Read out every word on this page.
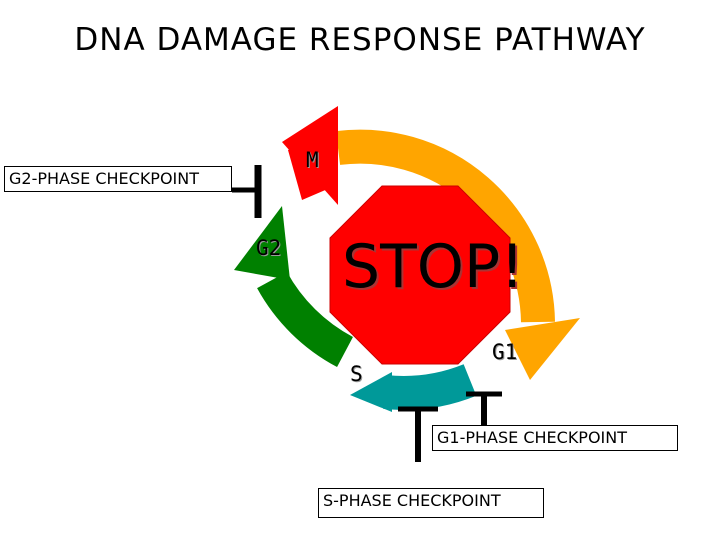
DNA DAMAGE RESPONSE PATHWAY
STOP!
M
G1
S
G2
G2-PHASE CHECKPOINT
G1-PHASE CHECKPOINT
S-PHASE CHECKPOINT
